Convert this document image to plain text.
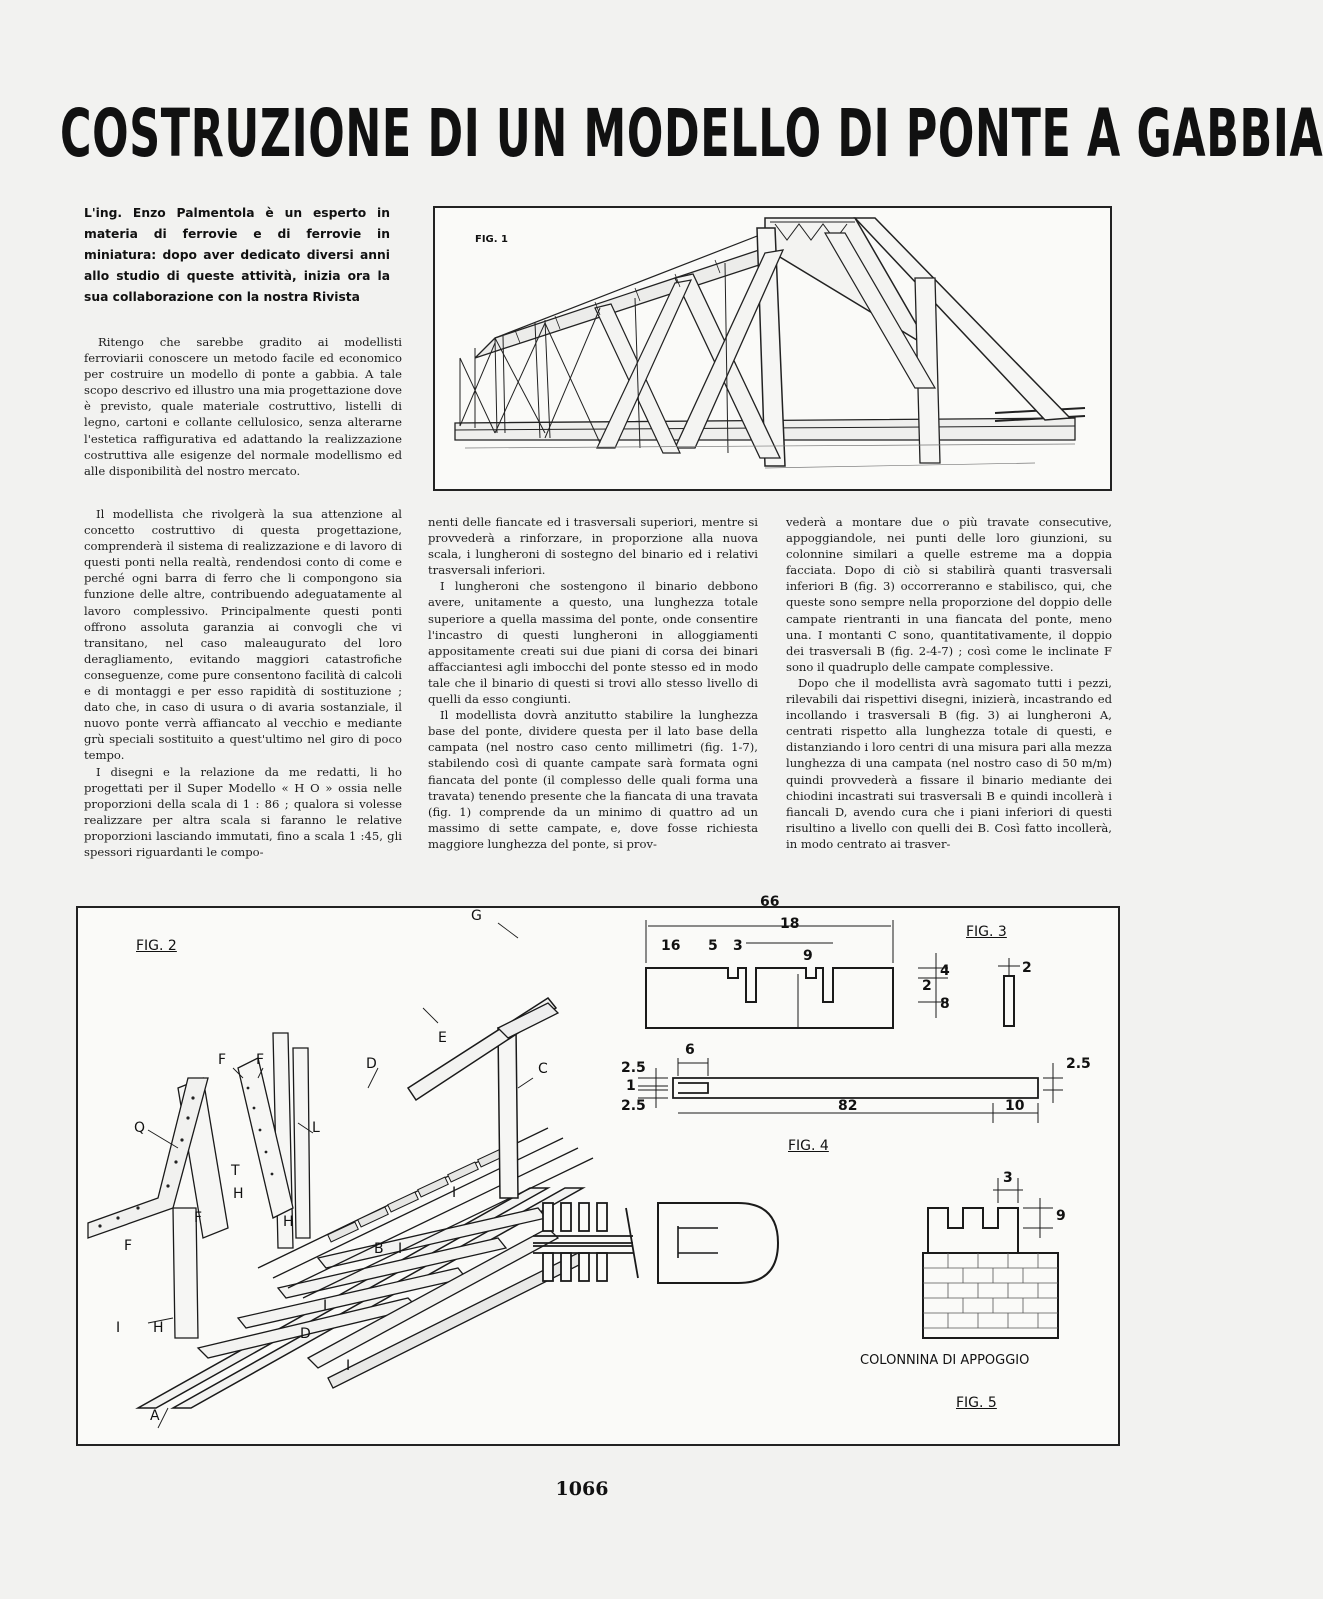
COSTRUZIONE DI UN MODELLO DI PONTE A GABBIA

L'ing. Enzo Palmentola è un esperto in materia di ferrovie e di ferrovie in miniatura: dopo aver dedicato diversi anni allo studio di queste attività, inizia ora la sua collaborazione con la nostra Rivista

FIG. 1

Ritengo che sarebbe gradito ai modellisti ferroviarii conoscere un metodo facile ed economico per costruire un modello di ponte a gabbia. A tale scopo descrivo ed illustro una mia progettazione dove è previsto, quale materiale costruttivo, listelli di legno, cartoni e collante cellulosico, senza alterarne l'estetica raffigurativa ed adattando la realizzazione costruttiva alle esigenze del normale modellismo ed alle disponibilità del nostro mercato.

Il modellista che rivolgerà la sua attenzione al concetto costruttivo di questa progettazione, comprenderà il sistema di realizzazione e di lavoro di questi ponti nella realtà, rendendosi conto di come e perché ogni barra di ferro che li compongono sia funzione delle altre, contribuendo adeguatamente al lavoro complessivo. Principalmente questi ponti offrono assoluta garanzia ai convogli che vi transitano, nel caso maleaugurato del loro deragliamento, evitando maggiori catastrofiche conseguenze, come pure consentono facilità di calcoli e di montaggi e per esso rapidità di sostituzione ; dato che, in caso di usura o di avaria sostanziale, il nuovo ponte verrà affiancato al vecchio e mediante grù speciali sostituito a quest'ultimo nel giro di poco tempo.

I disegni e la relazione da me redatti, li ho progettati per il Super Modello « H O » ossia nelle proporzioni della scala di 1 : 86 ; qualora si volesse realizzare per altra scala si faranno le relative proporzioni lasciando immutati, fino a scala 1 :45, gli spessori riguardanti le compo-

nenti delle fiancate ed i trasversali superiori, mentre si provvederà a rinforzare, in proporzione alla nuova scala, i lungheroni di sostegno del binario ed i relativi trasversali inferiori.

I lungheroni che sostengono il binario debbono avere, unitamente a questo, una lunghezza totale superiore a quella massima del ponte, onde consentire l'incastro di questi lungheroni in alloggiamenti appositamente creati sui due piani di corsa dei binari affacciantesi agli imbocchi del ponte stesso ed in modo tale che il binario di questi si trovi allo stesso livello di quelli da esso congiunti.

Il modellista dovrà anzitutto stabilire la lunghezza base del ponte, dividere questa per il lato base della campata (nel nostro caso cento millimetri (fig. 1-7), stabilendo così di quante campate sarà formata ogni fiancata del ponte (il complesso delle quali forma una travata) tenendo presente che la fiancata di una travata (fig. 1) comprende da un minimo di quattro ad un massimo di sette campate, e, dove fosse richiesta maggiore lunghezza del ponte, si prov-

vederà a montare due o più travate consecutive, appoggiandole, nei punti delle loro giunzioni, su colonnine similari a quelle estreme ma a doppia facciata. Dopo di ciò si stabilirà quanti trasversali inferiori B (fig. 3) occorreranno e stabilisco, qui, che queste sono sempre nella proporzione del doppio delle campate rientranti in una fiancata del ponte, meno una. I montanti C sono, quantitativamente, il doppio dei trasversali B (fig. 2-4-7) ; così come le inclinate F sono il quadruplo delle campate complessive.

Dopo che il modellista avrà sagomato tutti i pezzi, rilevabili dai rispettivi disegni, inizierà, incastrando ed incollando i trasversali B (fig. 3) ai lungheroni A, centrati rispetto alla lunghezza totale di questi, e distanziando i loro centri di una misura pari alla mezza lunghezza di una campata (nel nostro caso di 50 m/m) quindi provvederà a fissare il binario mediante dei chiodini incastrati sui trasversali B e quindi incollerà i fiancali D, avendo cura che i piani inferiori di questi risultino a livello con quelli dei B. Così fatto incollerà, in modo centrato ai trasver-

FIG. 2
FIG. 3
FIG. 4
FIG. 5
COLONNINA DI APPOGGIO
G
E
F F	D	C
Q	L
T
H
H
H
F
F	B
I
I
I
I
I
D
A
66
18
16 5 3
9
4
2
8
2
6
2.5
1
2.5	82	10
2.5
3
9

1066
